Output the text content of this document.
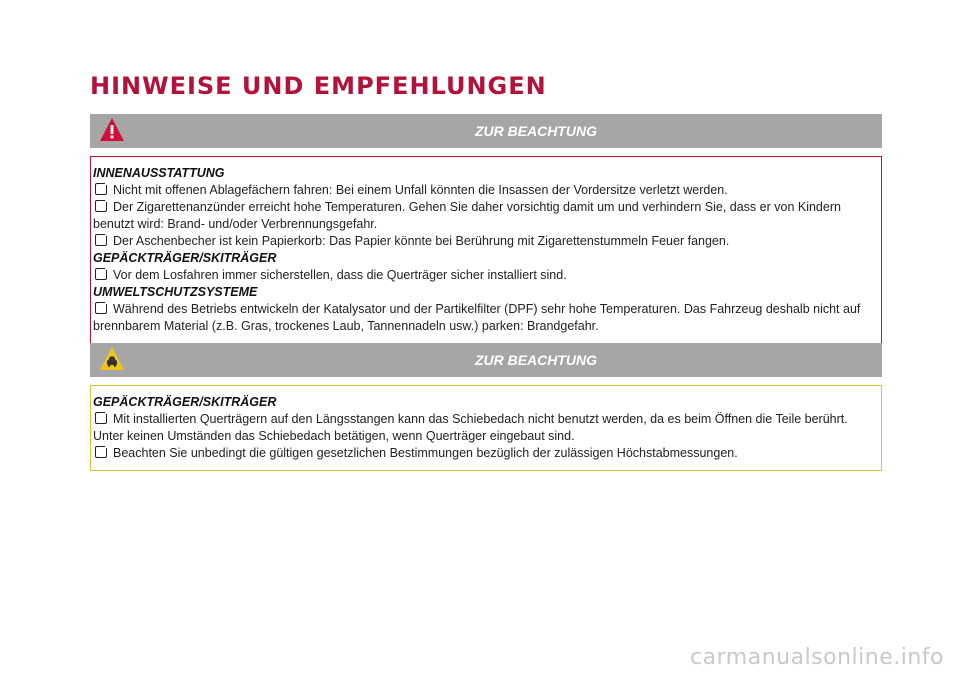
HINWEISE UND EMPFEHLUNGEN
ZUR BEACHTUNG
INNENAUSSTATTUNG

Nicht mit offenen Ablagefächern fahren: Bei einem Unfall könnten die Insassen der Vordersitze verletzt werden.

Der Zigarettenanzünder erreicht hohe Temperaturen. Gehen Sie daher vorsichtig damit um und verhindern Sie, dass er von Kindern benutzt wird: Brand- und/oder Verbrennungsgefahr.

Der Aschenbecher ist kein Papierkorb: Das Papier könnte bei Berührung mit Zigarettenstummeln Feuer fangen.

GEPÄCKTRÄGER/SKITRÄGER

Vor dem Losfahren immer sicherstellen, dass die Querträger sicher installiert sind.

UMWELTSCHUTZSYSTEME

Während des Betriebs entwickeln der Katalysator und der Partikelfilter (DPF) sehr hohe Temperaturen. Das Fahrzeug deshalb nicht auf brennbarem Material (z.B. Gras, trockenes Laub, Tannennadeln usw.) parken: Brandgefahr.

ZUR BEACHTUNG
GEPÄCKTRÄGER/SKITRÄGER

Mit installierten Querträgern auf den Längsstangen kann das Schiebedach nicht benutzt werden, da es beim Öffnen die Teile berührt. Unter keinen Umständen das Schiebedach betätigen, wenn Querträger eingebaut sind.

Beachten Sie unbedingt die gültigen gesetzlichen Bestimmungen bezüglich der zulässigen Höchstabmessungen.

carmanualsonline.info
